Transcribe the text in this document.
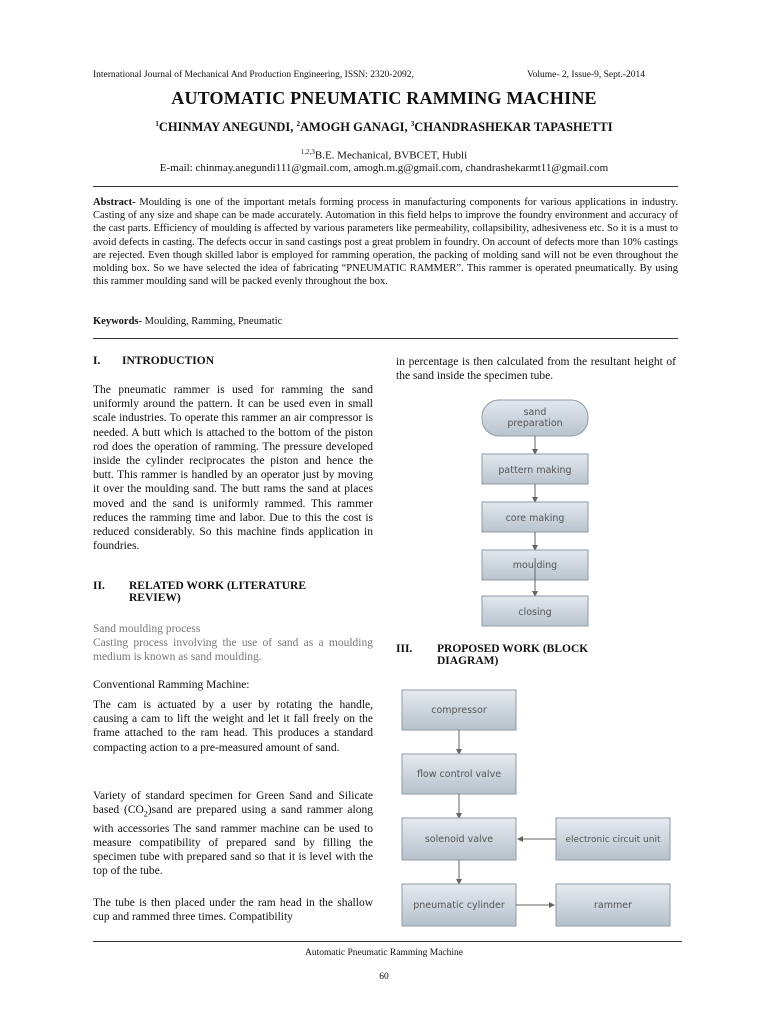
International Journal of Mechanical And Production Engineering, ISSN: 2320-2092,	Volume- 2, Issue-9, Sept.-2014
AUTOMATIC PNEUMATIC RAMMING MACHINE
$^1$CHINMAY ANEGUNDI, $^2$AMOGH GANAGI, $^3$CHANDRASHEKAR TAPASHETTI
$^{1,2,3}$B.E. Mechanical, BVBCET, Hubli
E-mail: chinmay.anegundi111@gmail.com, amogh.m.g@gmail.com, chandrashekarmt11@gmail.com
Abstract- Moulding is one of the important metals forming process in manufacturing components for various applications in industry. Casting of any size and shape can be made accurately. Automation in this field helps to improve the foundry environment and accuracy of the cast parts. Efficiency of moulding is affected by various parameters like permeability, collapsibility, adhesiveness etc. So it is a must to avoid defects in casting. The defects occur in sand castings post a great problem in foundry. On account of defects more than 10% castings are rejected. Even though skilled labor is employed for ramming operation, the packing of molding sand will not be even throughout the molding box. So we have selected the idea of fabricating “PNEUMATIC RAMMER”. This rammer is operated pneumatically. By using this rammer moulding sand will be packed evenly throughout the box.
Keywords- Moulding, Ramming, Pneumatic
I. INTRODUCTION
The pneumatic rammer is used for ramming the sand uniformly around the pattern. It can be used even in small scale industries. To operate this rammer an air compressor is needed. A butt which is attached to the bottom of the piston rod does the operation of ramming. The pressure developed inside the cylinder reciprocates the piston and hence the butt. This rammer is handled by an operator just by moving it over the moulding sand. The butt rams the sand at places moved and the sand is uniformly rammed. This rammer reduces the ramming time and labor. Due to this the cost is reduced considerably. So this machine finds application in foundries.
II. RELATED WORK (LITERATURE
REVIEW)
Sand moulding process
Casting process involving the use of sand as a moulding medium is known as sand moulding.
Conventional Ramming Machine:
The cam is actuated by a user by rotating the handle, causing a cam to lift the weight and let it fall freely on the frame attached to the ram head. This produces a standard compacting action to a pre-measured amount of sand.
Variety of standard specimen for Green Sand and Silicate based $(CO_2)sand$ are prepared using a sand rammer along with accessories The sand rammer machine can be used to measure compatibility of prepared sand by filling the specimen tube with prepared sand so that it is level with the top of the tube.
The tube is then placed under the ram head in the shallow cup and rammed three times. Compatibility
in percentage is then calculated from the resultant height of the sand inside the specimen tube.
sand
preparation
pattern making
core making
moulding
closing
III. PROPOSED WORK (BLOCK
DIAGRAM)
compressor
flow control valve
solenoid valve	electronic circuit unit
pneumatic cylinder	rammer
Automatic Pneumatic Ramming Machine
60
